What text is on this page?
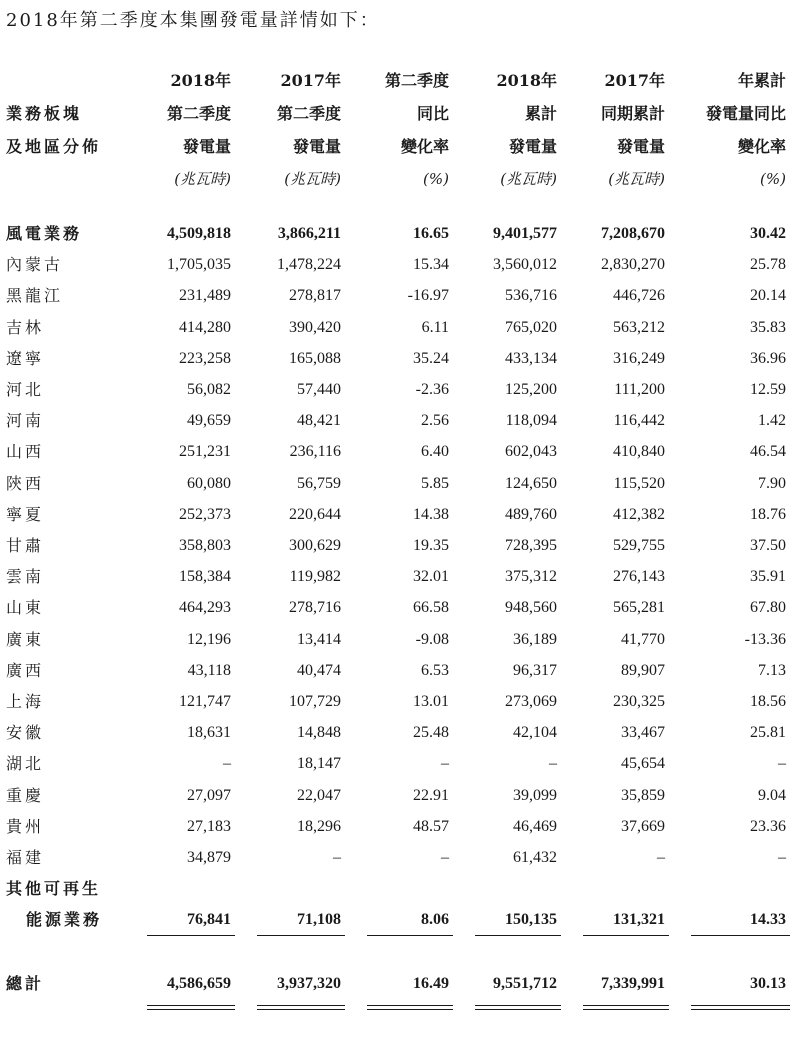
2018年第二季度本集團發電量詳情如下：
	2018年	2017年	第二季度	2018年	2017年	年累計
業務板塊	第二季度	第二季度	同比	累計	同期累計	發電量同比
及地區分佈	發電量	發電量	變化率	發電量	發電量	變化率
	(兆瓦時)	(兆瓦時)	(%)	(兆瓦時)	(兆瓦時)	(%)

風電業務	4,509,818	3,866,211	16.65	9,401,577	7,208,670	30.42
內蒙古	1,705,035	1,478,224	15.34	3,560,012	2,830,270	25.78
黑龍江	231,489	278,817	-16.97	536,716	446,726	20.14
吉林	414,280	390,420	6.11	765,020	563,212	35.83
遼寧	223,258	165,088	35.24	433,134	316,249	36.96
河北	56,082	57,440	-2.36	125,200	111,200	12.59
河南	49,659	48,421	2.56	118,094	116,442	1.42
山西	251,231	236,116	6.40	602,043	410,840	46.54
陝西	60,080	56,759	5.85	124,650	115,520	7.90
寧夏	252,373	220,644	14.38	489,760	412,382	18.76
甘肅	358,803	300,629	19.35	728,395	529,755	37.50
雲南	158,384	119,982	32.01	375,312	276,143	35.91
山東	464,293	278,716	66.58	948,560	565,281	67.80
廣東	12,196	13,414	-9.08	36,189	41,770	-13.36
廣西	43,118	40,474	6.53	96,317	89,907	7.13
上海	121,747	107,729	13.01	273,069	230,325	18.56
安徽	18,631	14,848	25.48	42,104	33,467	25.81
湖北	–	18,147	–	–	45,654	–
重慶	27,097	22,047	22.91	39,099	35,859	9.04
貴州	27,183	18,296	48.57	46,469	37,669	23.36
福建	34,879	–	–	61,432	–	–
其他可再生						
能源業務	76,841	71,108	8.06	150,135	131,321	14.33

總計	4,586,659	3,937,320	16.49	9,551,712	7,339,991	30.13
